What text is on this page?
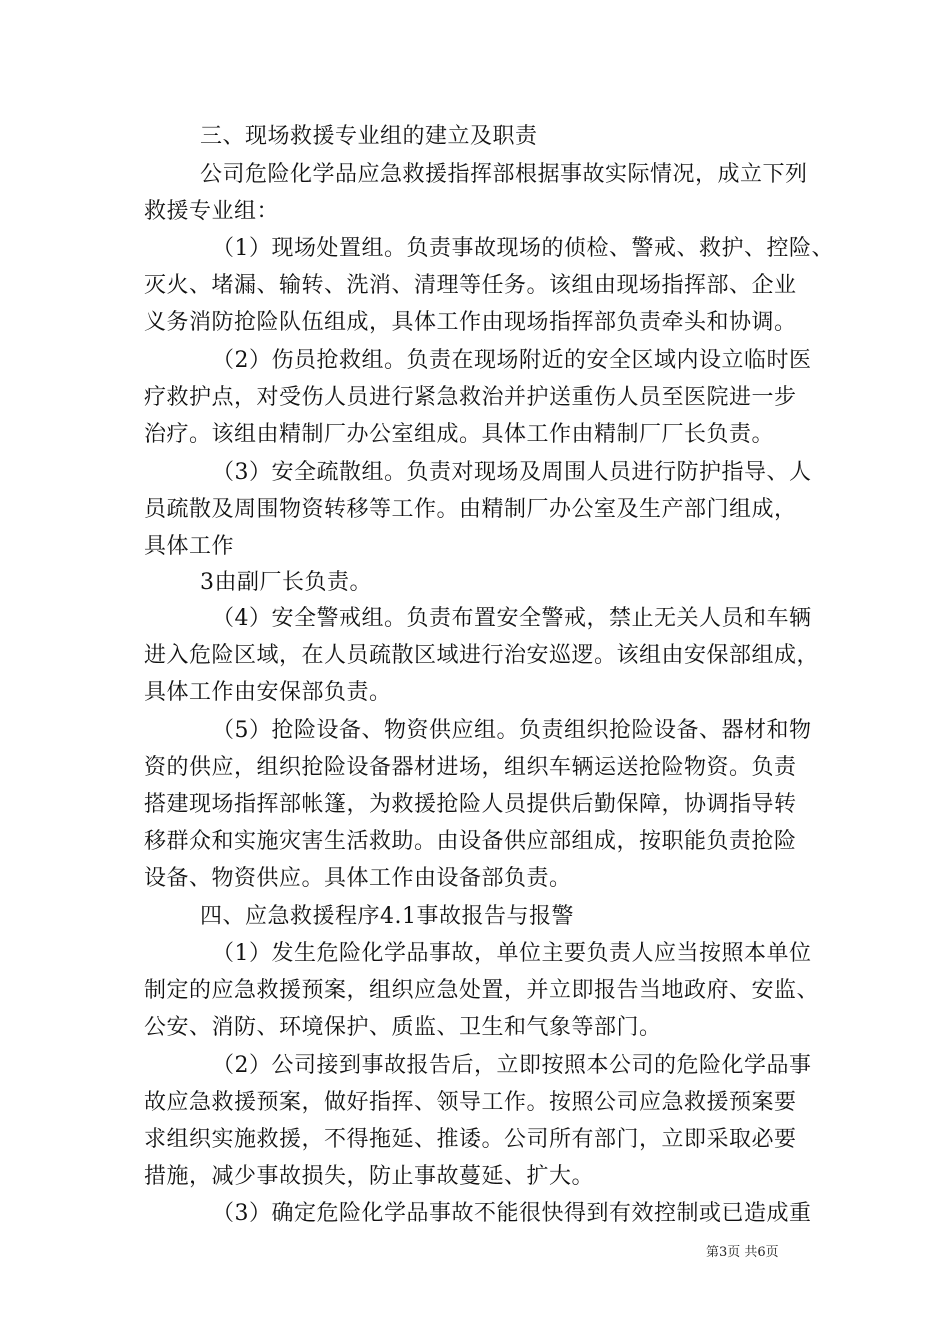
三、现场救援专业组的建立及职责
公司危险化学品应急救援指挥部根据事故实际情况，成立下列
救援专业组：
（1）现场处置组。负责事故现场的侦检、警戒、救护、控险、
灭火、堵漏、输转、洗消、清理等任务。该组由现场指挥部、企业
义务消防抢险队伍组成，具体工作由现场指挥部负责牵头和协调。
（2）伤员抢救组。负责在现场附近的安全区域内设立临时医
疗救护点，对受伤人员进行紧急救治并护送重伤人员至医院进一步
治疗。该组由精制厂办公室组成。具体工作由精制厂厂长负责。
（3）安全疏散组。负责对现场及周围人员进行防护指导、人
员疏散及周围物资转移等工作。由精制厂办公室及生产部门组成，
具体工作
3由副厂长负责。
（4）安全警戒组。负责布置安全警戒，禁止无关人员和车辆
进入危险区域，在人员疏散区域进行治安巡逻。该组由安保部组成，
具体工作由安保部负责。
（5）抢险设备、物资供应组。负责组织抢险设备、器材和物
资的供应，组织抢险设备器材进场，组织车辆运送抢险物资。负责
搭建现场指挥部帐篷，为救援抢险人员提供后勤保障，协调指导转
移群众和实施灾害生活救助。由设备供应部组成，按职能负责抢险
设备、物资供应。具体工作由设备部负责。
四、应急救援程序4.1事故报告与报警
（1）发生危险化学品事故，单位主要负责人应当按照本单位
制定的应急救援预案，组织应急处置，并立即报告当地政府、安监、
公安、消防、环境保护、质监、卫生和气象等部门。
（2）公司接到事故报告后，立即按照本公司的危险化学品事
故应急救援预案，做好指挥、领导工作。按照公司应急救援预案要
求组织实施救援，不得拖延、推诿。公司所有部门，立即采取必要
措施，减少事故损失，防止事故蔓延、扩大。
（3）确定危险化学品事故不能很快得到有效控制或已造成重
第3页 共6页
